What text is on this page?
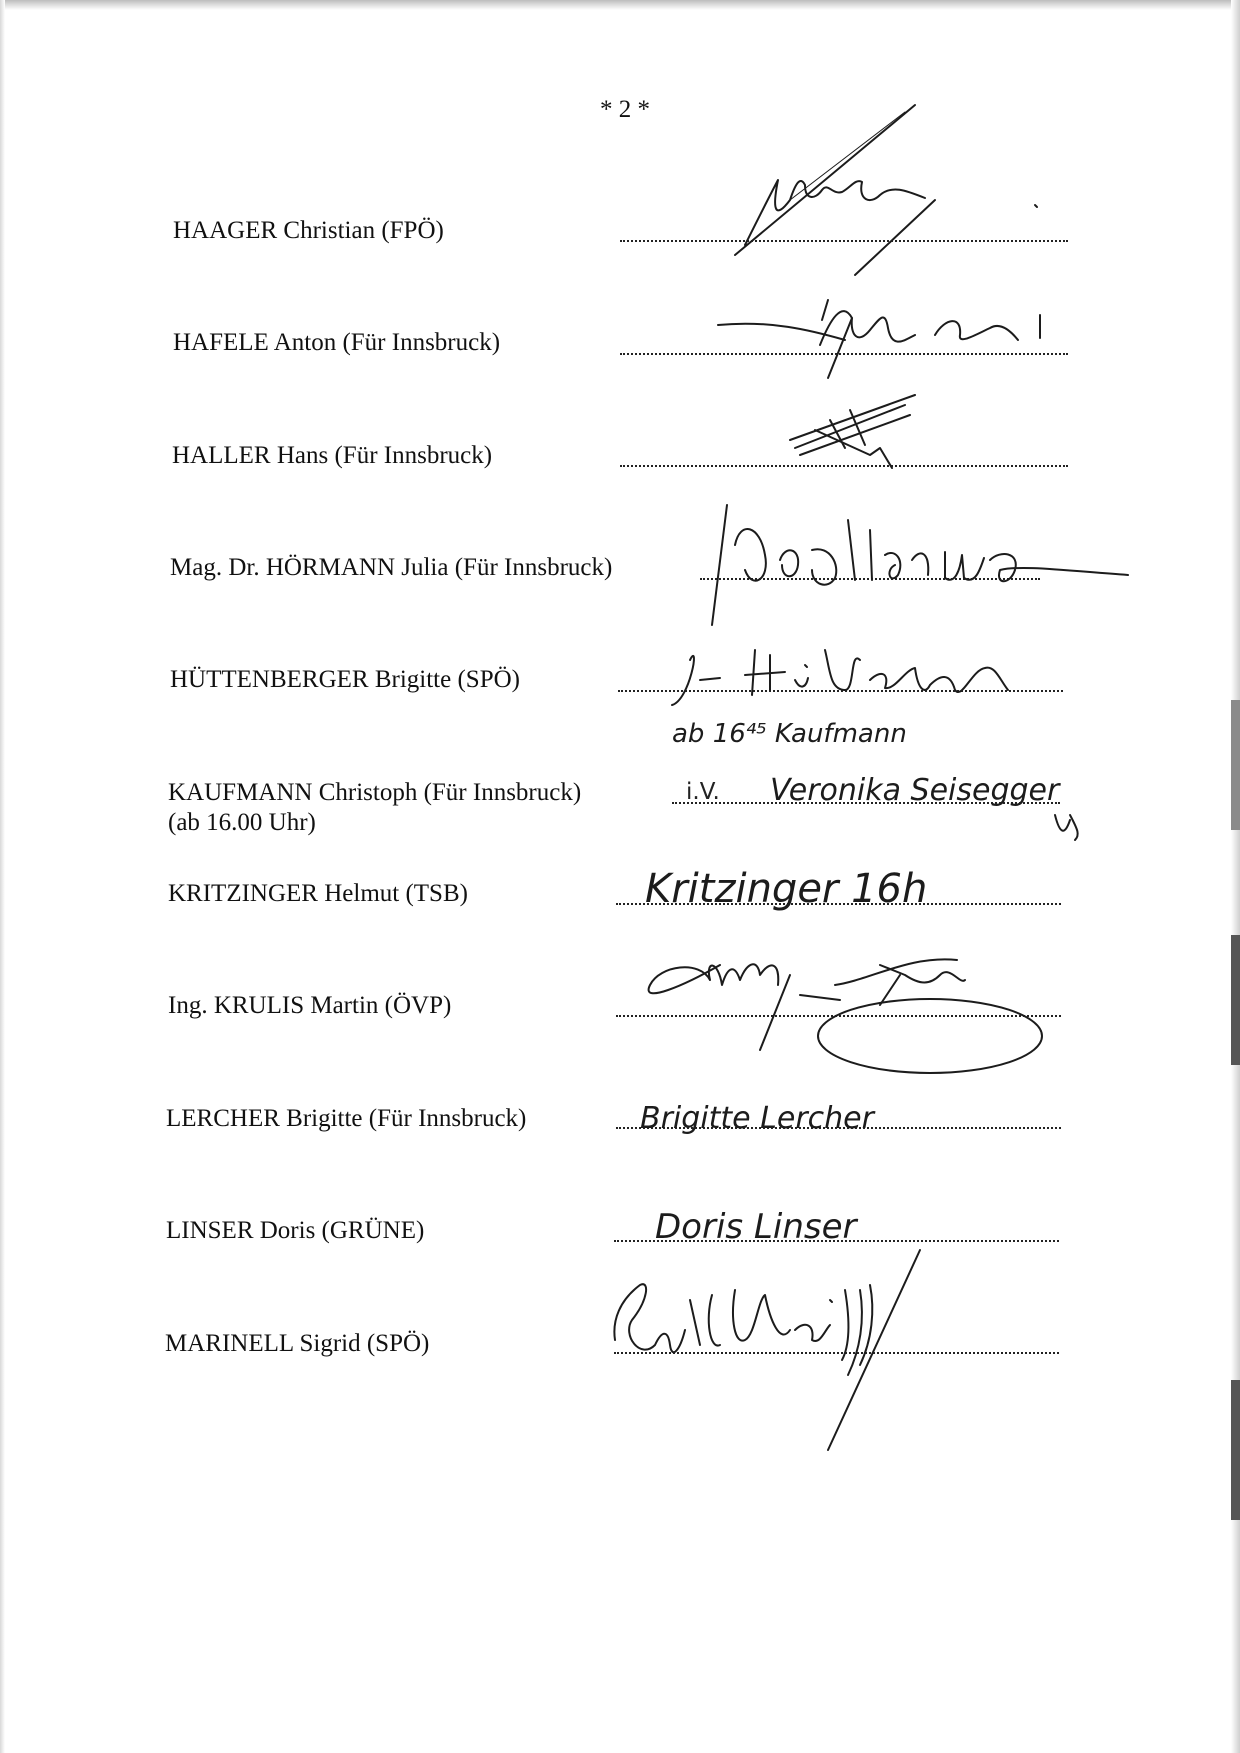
* 2 *
HAAGER Christian (FPÖ)
HAFELE Anton (Für Innsbruck)
HALLER Hans (Für Innsbruck)
Mag. Dr. HÖRMANN Julia (Für Innsbruck)
HÜTTENBERGER Brigitte (SPÖ)
KAUFMANN Christoph (Für Innsbruck)
(ab 16.00 Uhr)
i.V.
KRITZINGER Helmut (TSB)
Ing. KRULIS Martin (ÖVP)
LERCHER Brigitte (Für Innsbruck)
LINSER Doris (GRÜNE)
MARINELL Sigrid (SPÖ)
ab 16⁴⁵ Kaufmann
Veronika Seisegger
Kritzinger 16h
Brigitte Lercher
Doris Linser
